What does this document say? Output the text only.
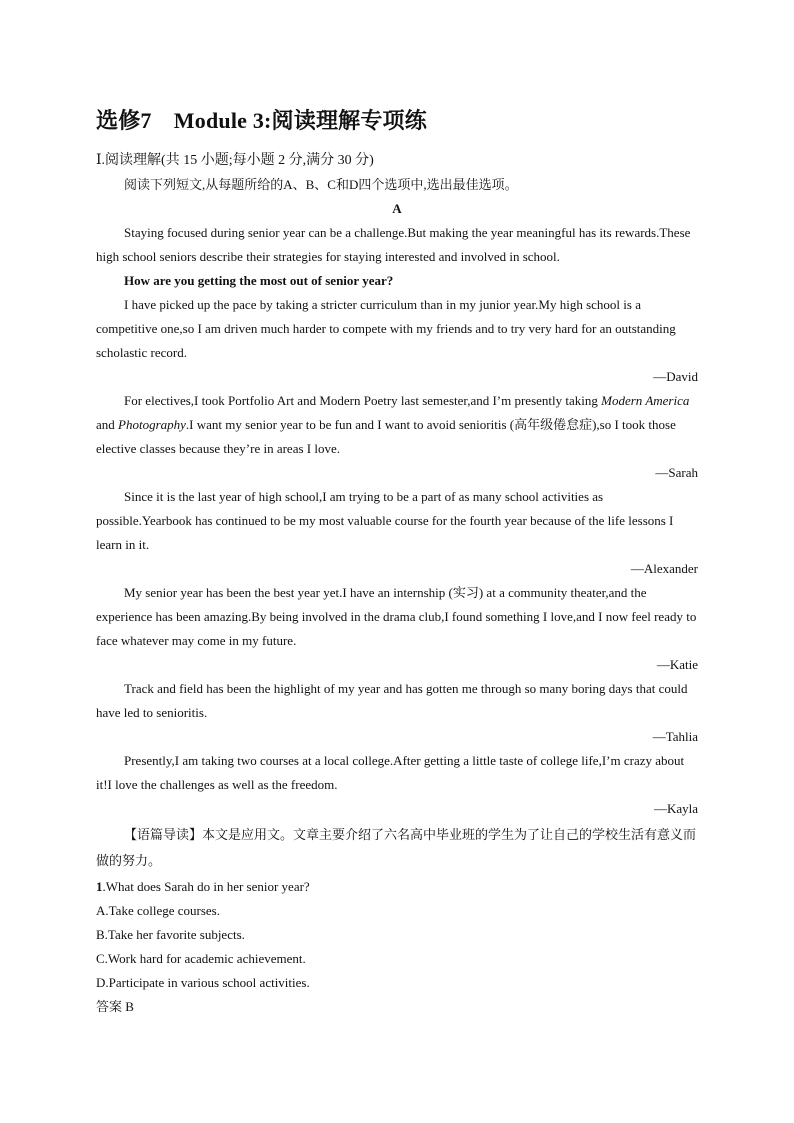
选修7　Module 3:阅读理解专项练

Ⅰ.阅读理解(共 15 小题;每小题 2 分,满分 30 分)

阅读下列短文,从每题所给的A、B、C和D四个选项中,选出最佳选项。

A

Staying focused during senior year can be a challenge.But making the year meaningful has its rewards.These high school seniors describe their strategies for staying interested and involved in school.

How are you getting the most out of senior year?

I have picked up the pace by taking a stricter curriculum than in my junior year.My high school is a competitive one,so I am driven much harder to compete with my friends and to try very hard for an outstanding scholastic record.

—David

For electives,I took Portfolio Art and Modern Poetry last semester,and I’m presently taking Modern America and Photography.I want my senior year to be fun and I want to avoid senioritis (高年级倦怠症),so I took those elective classes because they’re in areas I love.

—Sarah

Since it is the last year of high school,I am trying to be a part of as many school activities as possible.Yearbook has continued to be my most valuable course for the fourth year because of the life lessons I learn in it.

—Alexander

My senior year has been the best year yet.I have an internship (实习) at a community theater,and the experience has been amazing.By being involved in the drama club,I found something I love,and I now feel ready to face whatever may come in my future.

—Katie

Track and field has been the highlight of my year and has gotten me through so many boring days that could have led to senioritis.

—Tahlia

Presently,I am taking two courses at a local college.After getting a little taste of college life,I’m crazy about it!I love the challenges as well as the freedom.

—Kayla

【语篇导读】本文是应用文。文章主要介绍了六名高中毕业班的学生为了让自己的学校生活有意义而做的努力。

1.What does Sarah do in her senior year?

A.Take college courses.

B.Take her favorite subjects.

C.Work hard for academic achievement.

D.Participate in various school activities.

答案 B
